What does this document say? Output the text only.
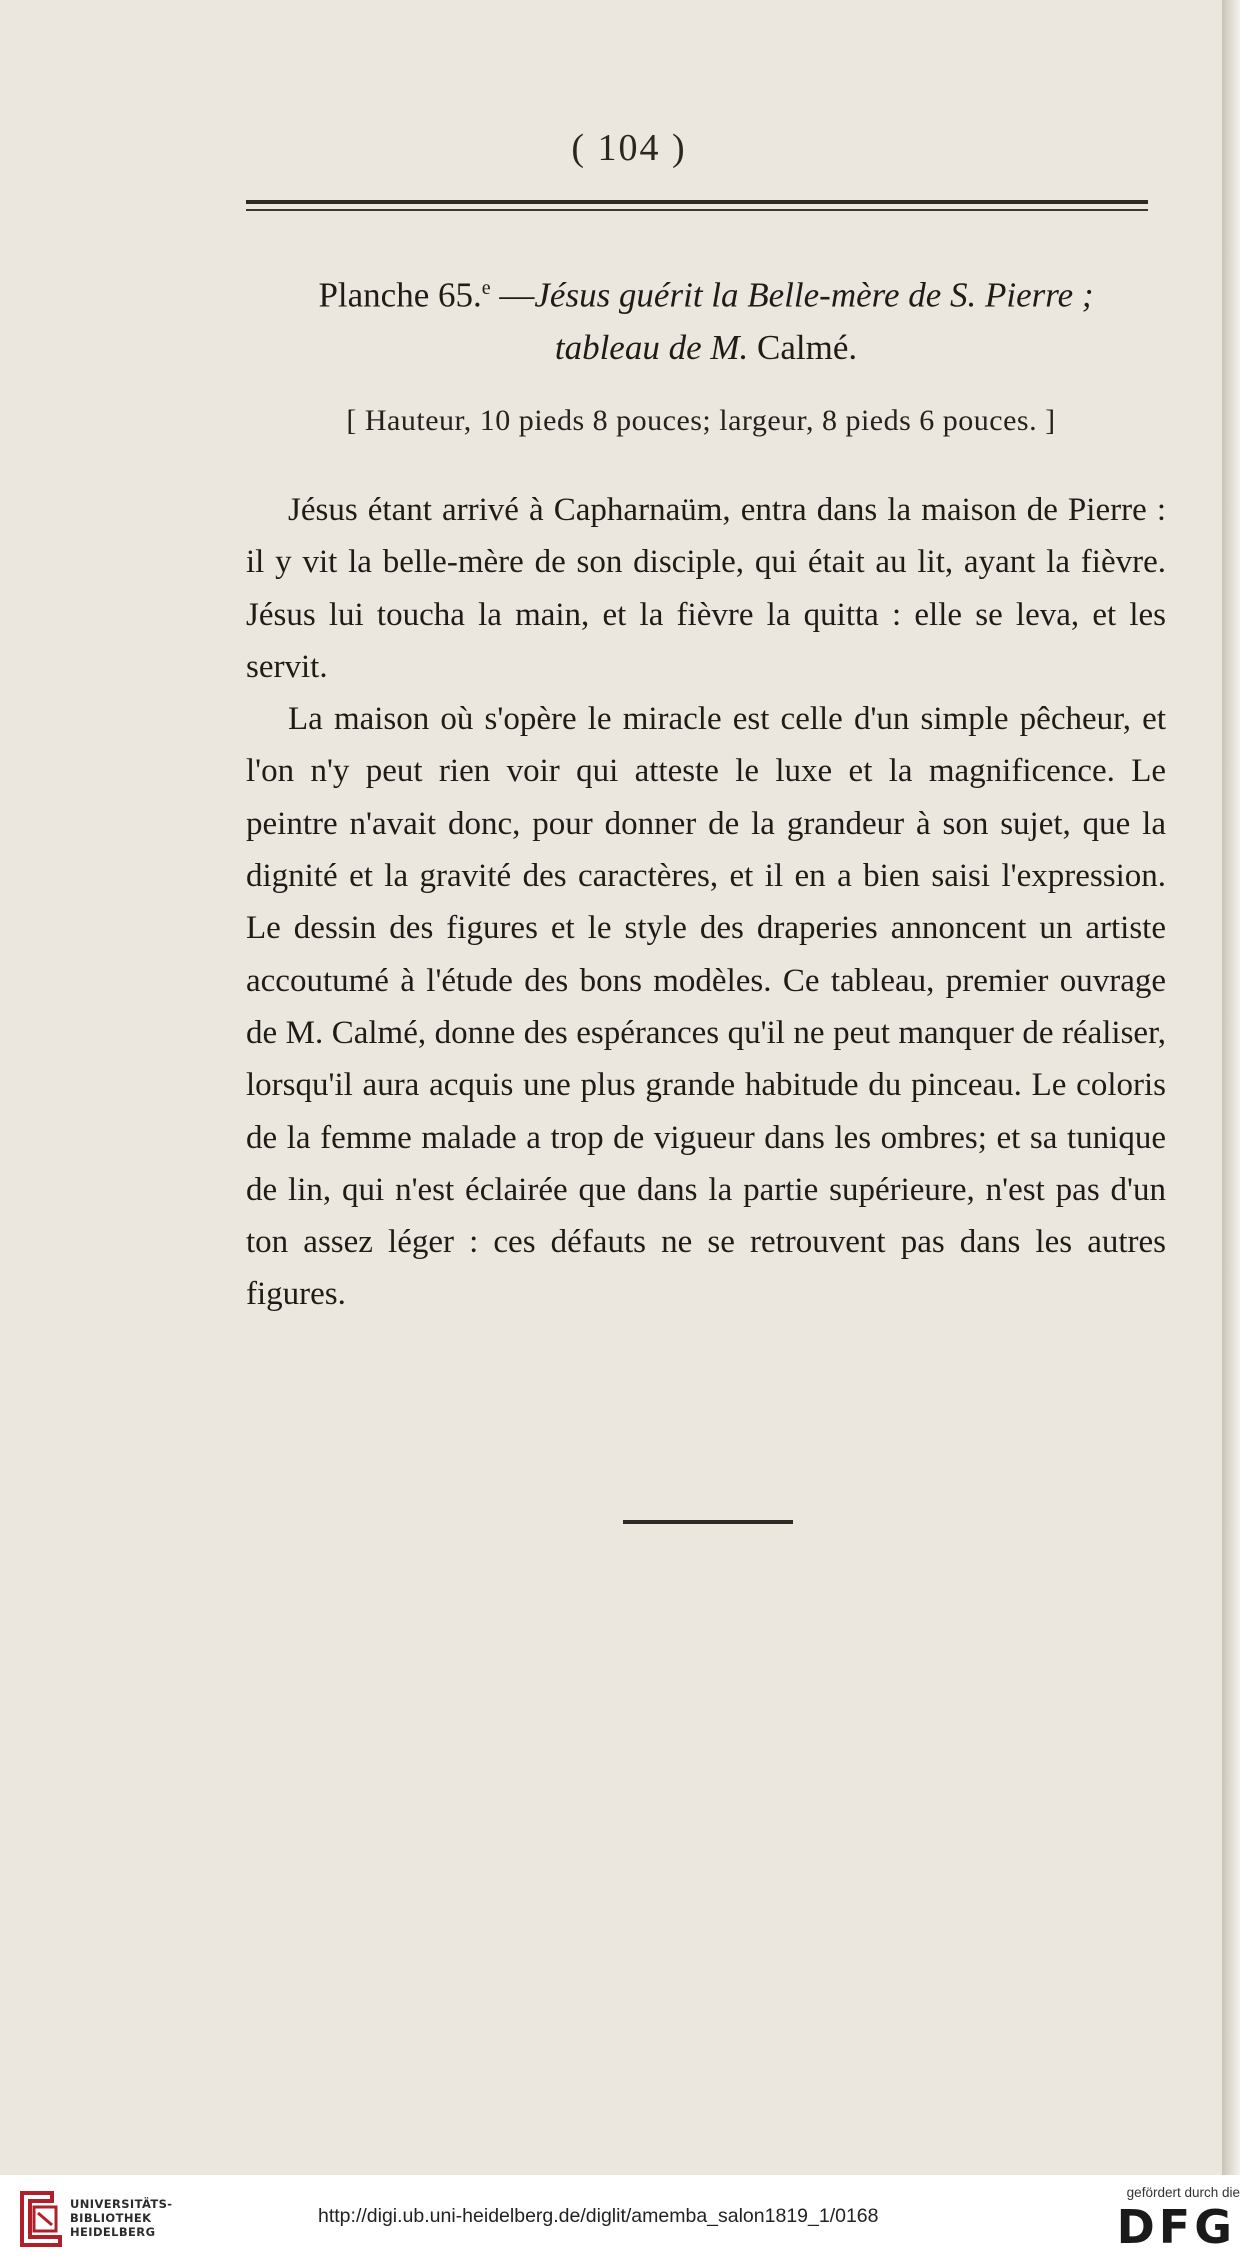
( 104 )
Planche 65.$^e$ —Jésus guérit la Belle-mère de S. Pierre ;
tableau de M. Calmé.
[ Hauteur, 10 pieds 8 pouces; largeur, 8 pieds 6 pouces. ]

Jésus étant arrivé à Capharnaüm, entra dans la maison de Pierre : il y vit la belle-mère de son disciple, qui était au lit, ayant la fièvre. Jésus lui toucha la main, et la fièvre la quitta : elle se leva, et les servit.

La maison où s'opère le miracle est celle d'un simple pêcheur, et l'on n'y peut rien voir qui atteste le luxe et la magnificence. Le peintre n'avait donc, pour donner de la grandeur à son sujet, que la dignité et la gravité des caractères, et il en a bien saisi l'expression. Le dessin des figures et le style des draperies annoncent un artiste accoutumé à l'étude des bons modèles. Ce tableau, premier ouvrage de M. Calmé, donne des espérances qu'il ne peut manquer de réaliser, lorsqu'il aura acquis une plus grande habitude du pinceau. Le coloris de la femme malade a trop de vigueur dans les ombres; et sa tunique de lin, qui n'est éclairée que dans la partie supérieure, n'est pas d'un ton assez léger : ces défauts ne se retrouvent pas dans les autres figures.

UNIVERSITÄTS-
BIBLIOTHEK
HEIDELBERG
http://digi.ub.uni-heidelberg.de/diglit/amemba_salon1819_1/0168
gefördert durch die
DFG
